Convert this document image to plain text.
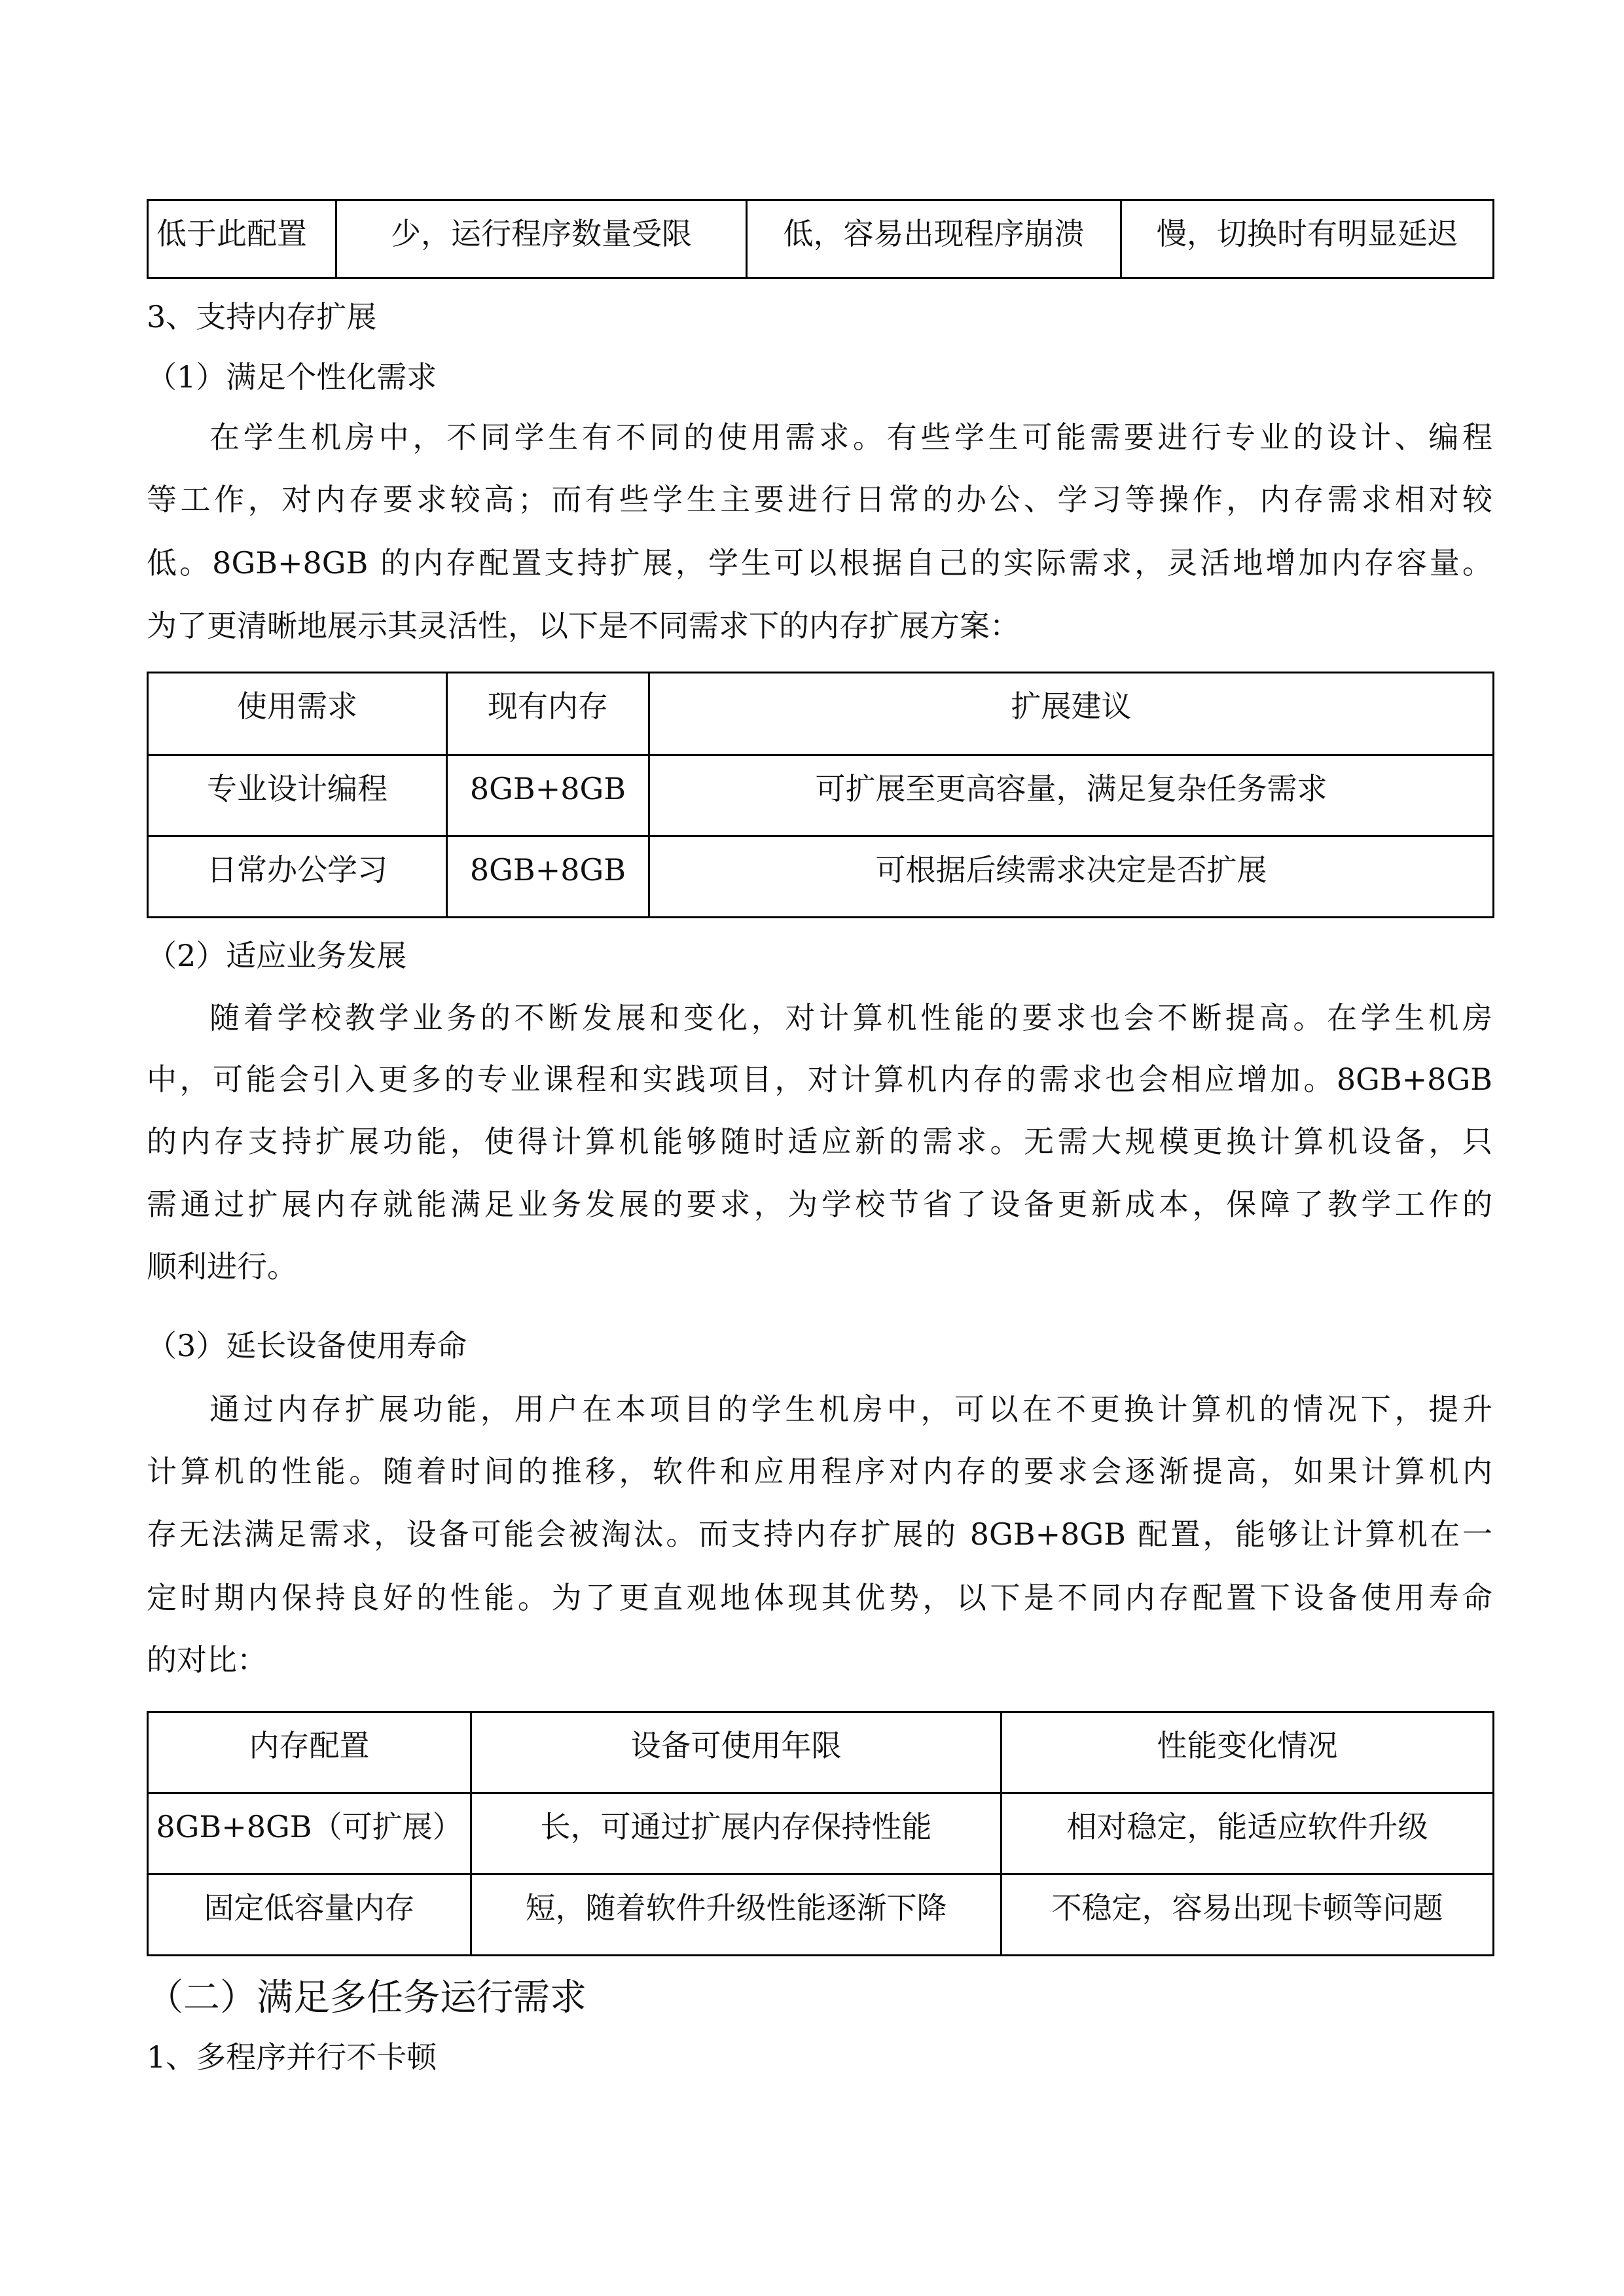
低于此配置	少，运行程序数量受限	低，容易出现程序崩溃	慢，切换时有明显延迟
3、支持内存扩展
（1）满足个性化需求
在学生机房中，不同学生有不同的使用需求。有些学生可能需要进行专业的设计、编程
等工作，对内存要求较高；而有些学生主要进行日常的办公、学习等操作，内存需求相对较
低。8GB+8GB 的内存配置支持扩展，学生可以根据自己的实际需求，灵活地增加内存容量。
为了更清晰地展示其灵活性，以下是不同需求下的内存扩展方案：
使用需求	现有内存	扩展建议
专业设计编程	8GB+8GB	可扩展至更高容量，满足复杂任务需求
日常办公学习	8GB+8GB	可根据后续需求决定是否扩展
（2）适应业务发展
随着学校教学业务的不断发展和变化，对计算机性能的要求也会不断提高。在学生机房
中，可能会引入更多的专业课程和实践项目，对计算机内存的需求也会相应增加。8GB+8GB
的内存支持扩展功能，使得计算机能够随时适应新的需求。无需大规模更换计算机设备，只
需通过扩展内存就能满足业务发展的要求，为学校节省了设备更新成本，保障了教学工作的
顺利进行。
（3）延长设备使用寿命
通过内存扩展功能，用户在本项目的学生机房中，可以在不更换计算机的情况下，提升
计算机的性能。随着时间的推移，软件和应用程序对内存的要求会逐渐提高，如果计算机内
存无法满足需求，设备可能会被淘汰。而支持内存扩展的 8GB+8GB 配置，能够让计算机在一
定时期内保持良好的性能。为了更直观地体现其优势，以下是不同内存配置下设备使用寿命
的对比：
内存配置	设备可使用年限	性能变化情况
8GB+8GB（可扩展）	长，可通过扩展内存保持性能	相对稳定，能适应软件升级
固定低容量内存	短，随着软件升级性能逐渐下降	不稳定，容易出现卡顿等问题
（二）满足多任务运行需求
1、多程序并行不卡顿
